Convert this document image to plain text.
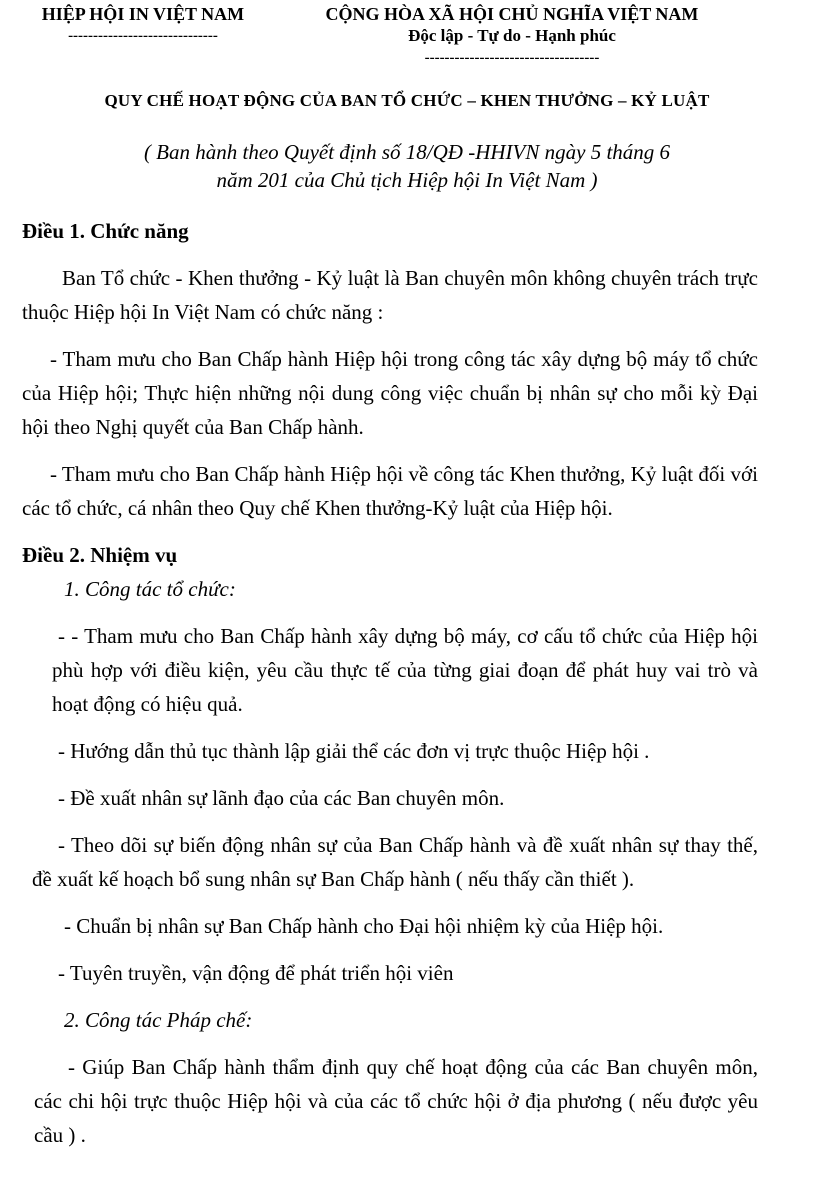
HIỆP HỘI IN VIỆT NAM
------------------------------
CỘNG HÒA XÃ HỘI CHỦ NGHĨA VIỆT NAM
Độc lập - Tự do - Hạnh phúc
-----------------------------------
QUY CHẾ HOẠT ĐỘNG CỦA BAN TỔ CHỨC – KHEN THƯỞNG – KỶ LUẬT
( Ban hành theo Quyết định số 18/QĐ -HHIVN ngày 5 tháng 6
năm 201 của Chủ tịch Hiệp hội In Việt Nam )

Điều 1. Chức năng

Ban Tổ chức - Khen thưởng - Kỷ luật là Ban chuyên môn không chuyên trách trực thuộc Hiệp hội In Việt Nam có chức năng :

- Tham mưu cho Ban Chấp hành Hiệp hội trong công tác xây dựng bộ máy tổ chức của Hiệp hội; Thực hiện những nội dung công việc chuẩn bị nhân sự cho mỗi kỳ Đại hội theo Nghị quyết của Ban Chấp hành.

- Tham mưu cho Ban Chấp hành Hiệp hội về công tác Khen thưởng, Kỷ luật đối với các tổ chức, cá nhân theo Quy chế Khen thưởng-Kỷ luật của Hiệp hội.

Điều 2. Nhiệm vụ

1. Công tác tổ chức:

- - Tham mưu cho Ban Chấp hành xây dựng bộ máy, cơ cấu tổ chức của Hiệp hội phù hợp với điều kiện, yêu cầu thực tế của từng giai đoạn để phát huy vai trò và hoạt động có hiệu quả.

- Hướng dẫn thủ tục thành lập giải thể các đơn vị trực thuộc Hiệp hội .

- Đề xuất nhân sự lãnh đạo của các Ban chuyên môn.

- Theo dõi sự biến động nhân sự của Ban Chấp hành và đề xuất nhân sự thay thế, đề xuất kế hoạch bổ sung nhân sự Ban Chấp hành ( nếu thấy cần thiết ).

- Chuẩn bị nhân sự Ban Chấp hành cho Đại hội nhiệm kỳ của Hiệp hội.

- Tuyên truyền, vận động để phát triển hội viên

2. Công tác Pháp chế:

- Giúp Ban Chấp hành thẩm định quy chế hoạt động của các Ban chuyên môn, các chi hội trực thuộc Hiệp hội và của các tổ chức hội ở địa phương ( nếu được yêu cầu ) .
